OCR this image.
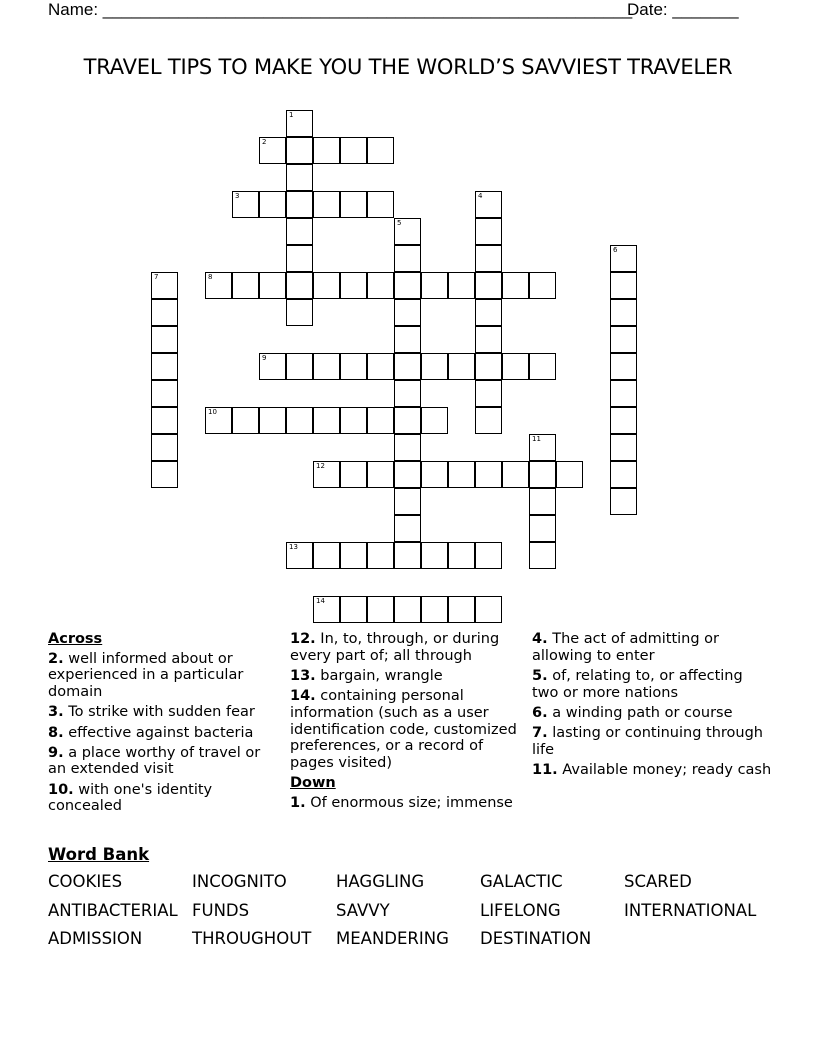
Name: ________________________________________________________
Date: _______
TRAVEL TIPS TO MAKE YOU THE WORLD’S SAVVIEST TRAVELER
1
2
3	4
5
6
7	8
9
10
11
12
13
14
Across
2. well informed about or experienced in a particular domain
3. To strike with sudden fear
8. effective against bacteria
9. a place worthy of travel or an extended visit
10. with one's identity concealed
12. In, to, through, or during every part of; all through
13. bargain, wrangle
14. containing personal information (such as a user identification code, customized preferences, or a record of pages visited)
Down
1. Of enormous size; immense
4. The act of admitting or allowing to enter
5. of, relating to, or affecting two or more nations
6. a winding path or course
7. lasting or continuing through life
11. Available money; ready cash
Word Bank
COOKIES	INCOGNITO	HAGGLING	GALACTIC	SCARED
ANTIBACTERIAL FUNDS	SAVVY	LIFELONG	INTERNATIONAL
ADMISSION	THROUGHOUT MEANDERING DESTINATION
